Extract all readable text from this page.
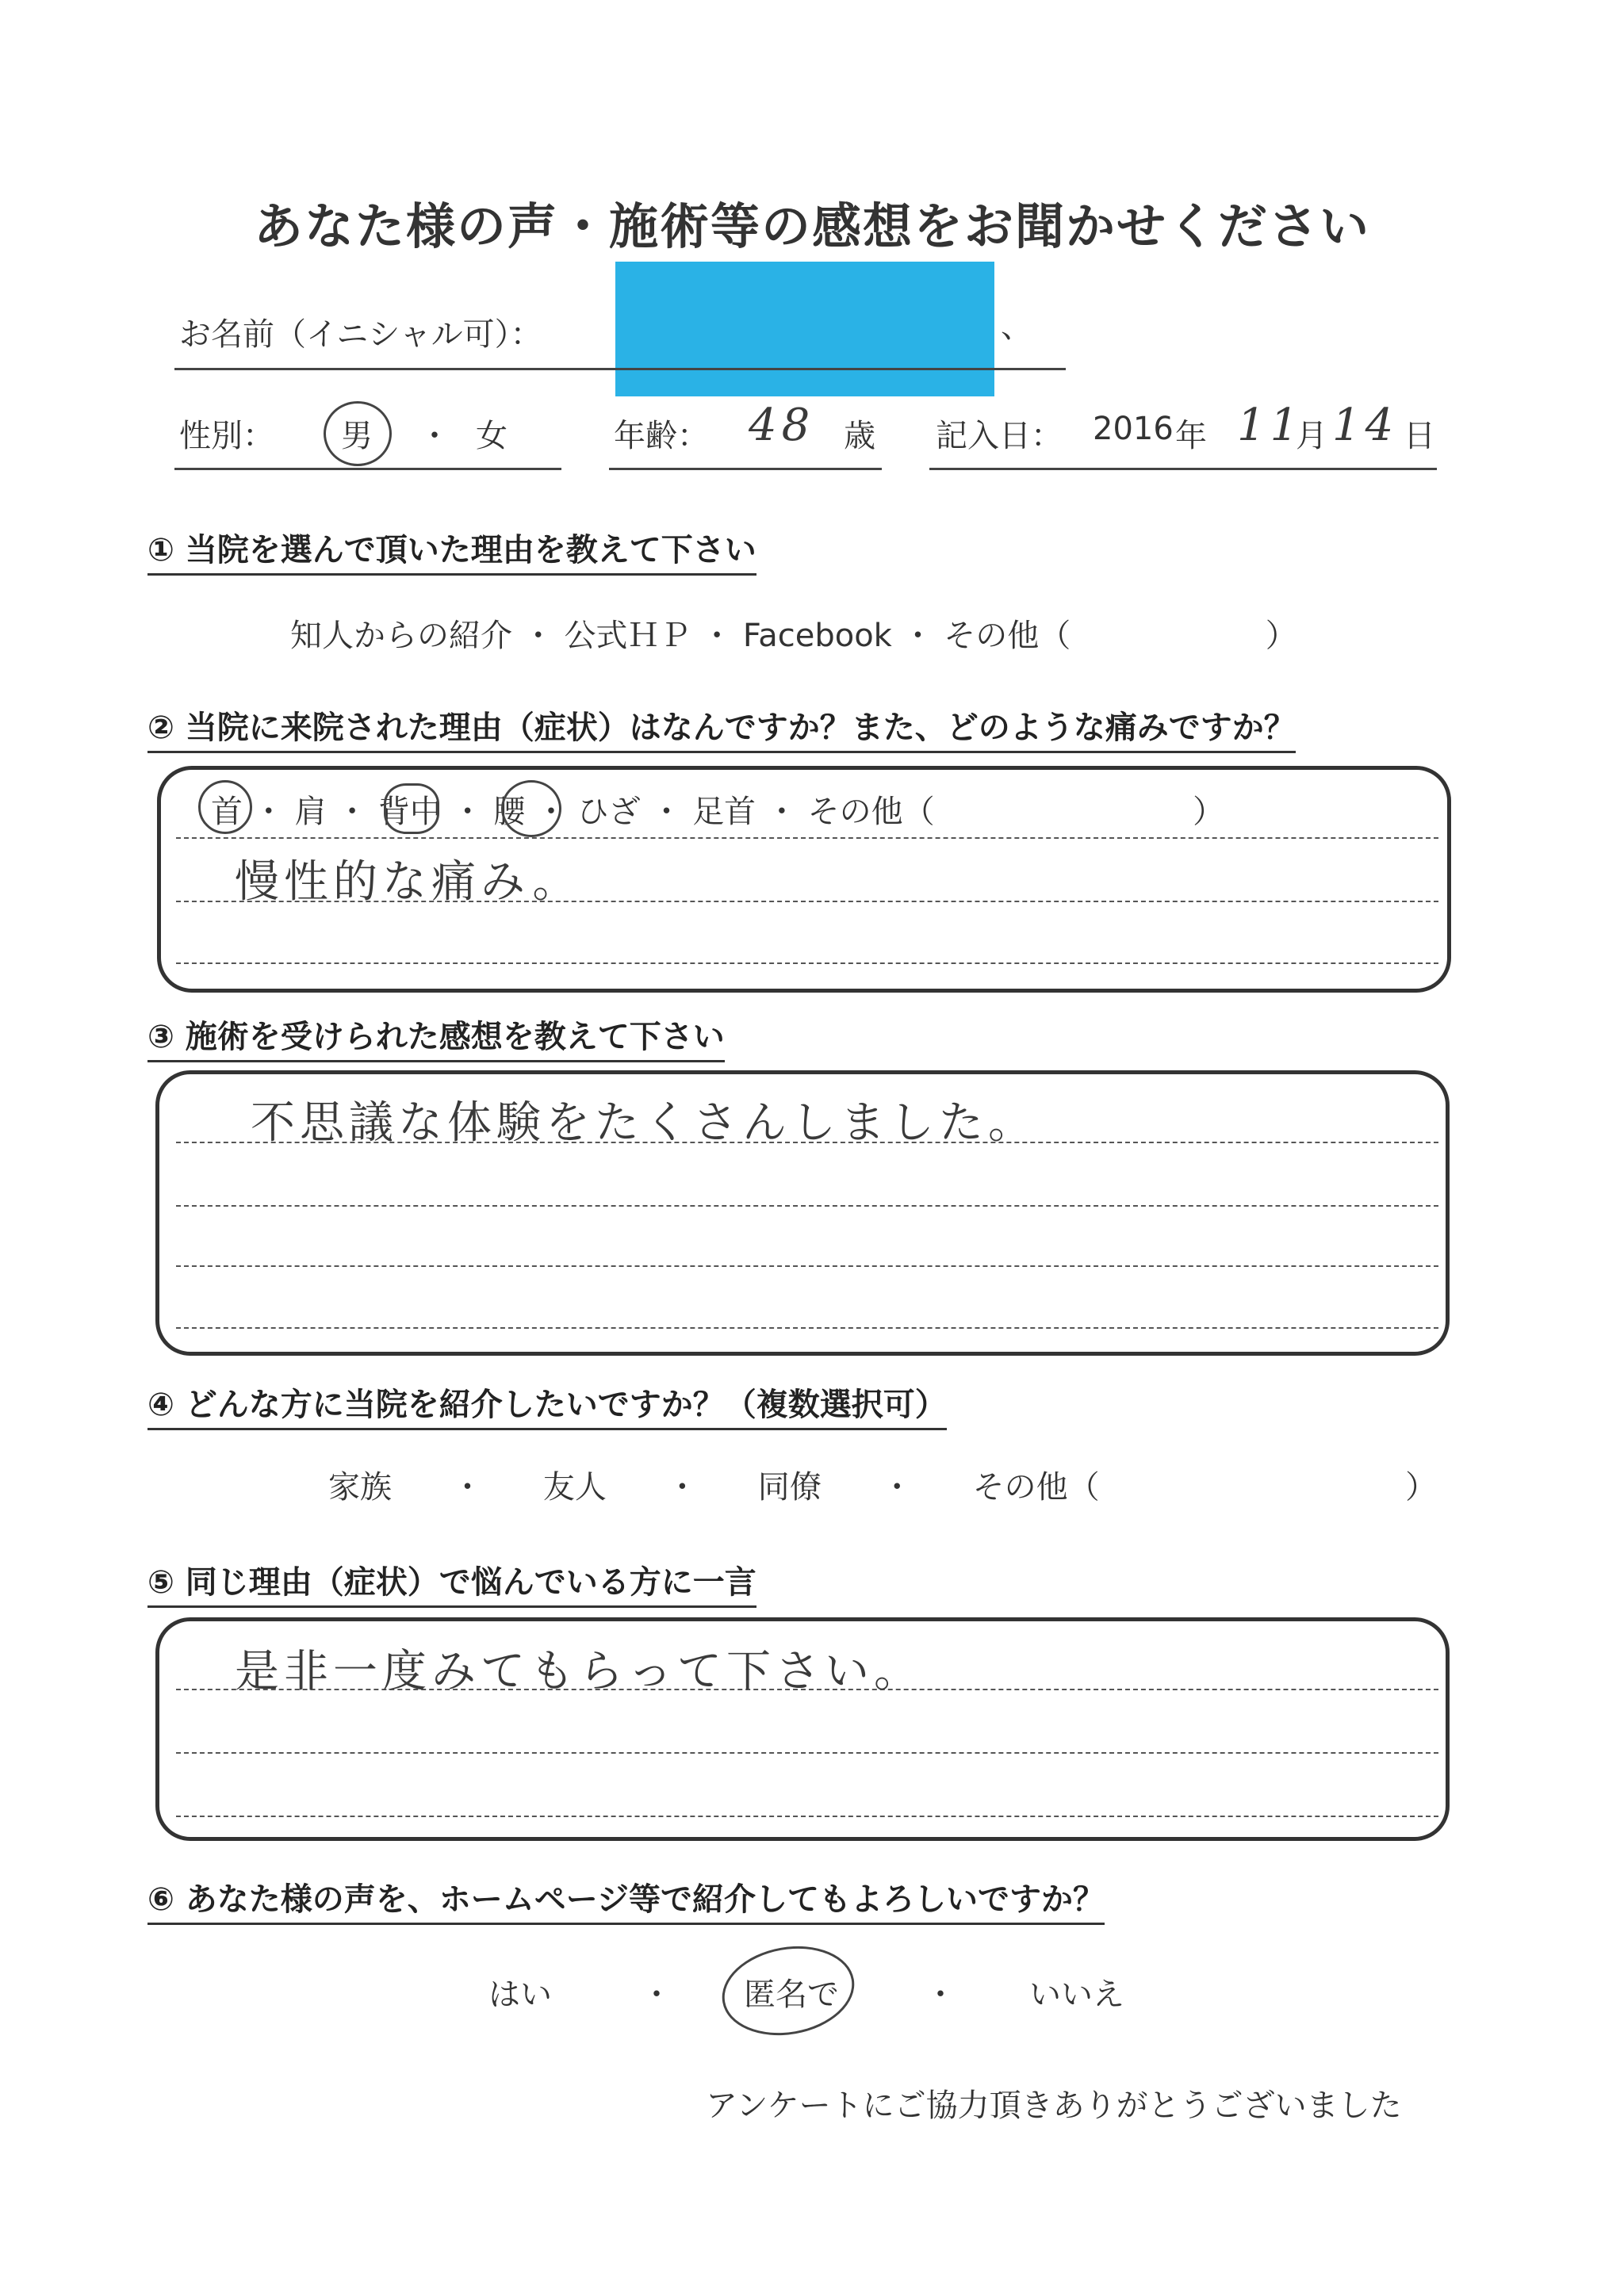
あなた様の声・施術等の感想をお聞かせください
お名前（イニシャル可）：	、
性別： 男 ・ 女	年齢： 48 歳 記入日： 2016 年 11
月 14 日
① 当院を選んで頂いた理由を教えて下さい
知人からの紹介 ・ 公式ＨＰ ・ Facebook ・ その他（	）
② 当院に来院された理由（症状）はなんですか？また、どのような痛みですか？
首 ・ 肩 ・ 背中 ・ 腰 ・ ひざ ・ 足首 ・ その他（	）
慢性的な痛み。
③ 施術を受けられた感想を教えて下さい
不思議な体験をたくさんしました。
④ どんな方に当院を紹介したいですか？（複数選択可）
家族 ・ 友人 ・ 同僚 ・ その他（	）
⑤ 同じ理由（症状）で悩んでいる方に一言
是非一度みてもらって下さい。
⑥ あなた様の声を、ホームページ等で紹介してもよろしいですか？
はい	・ 匿名で	・ いいえ
アンケートにご協力頂きありがとうございました
